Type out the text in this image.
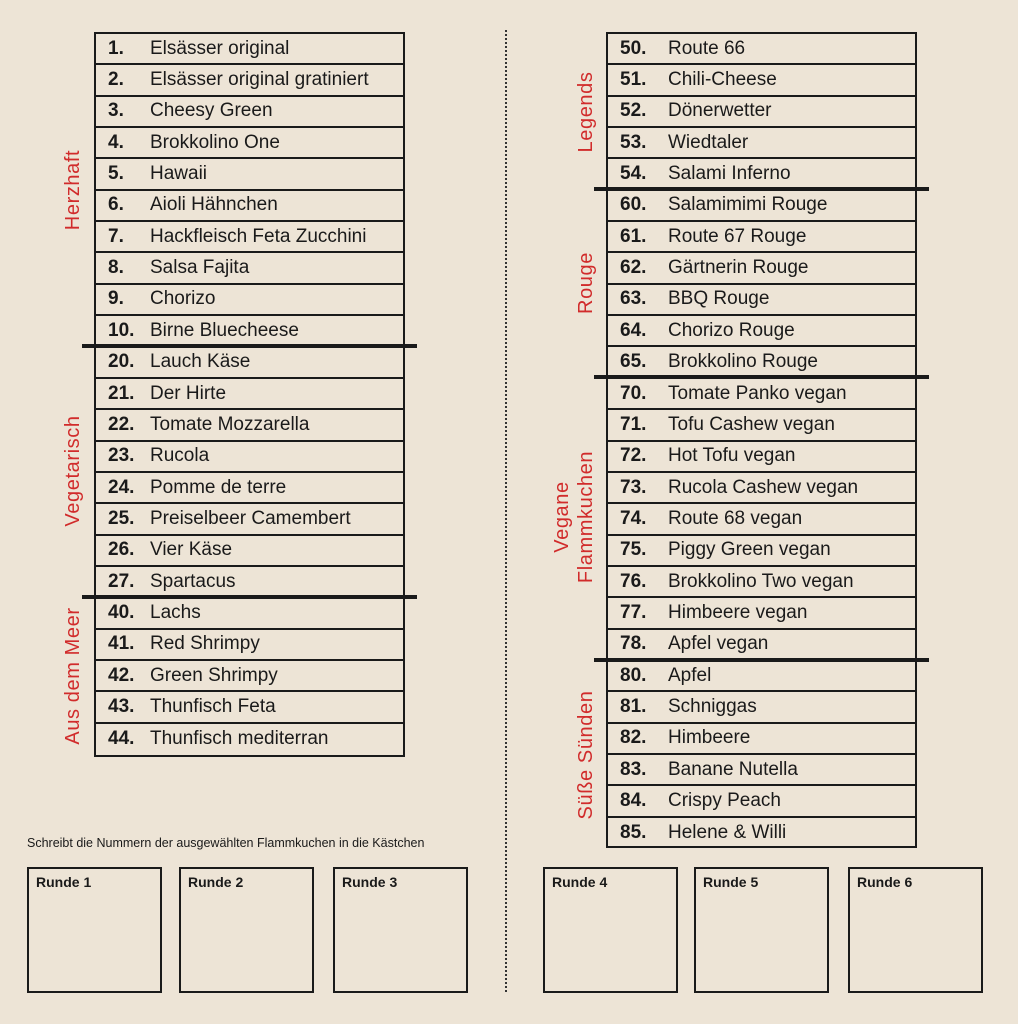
1.	Elsässer original
2.	Elsässer original gratiniert
3.	Cheesy Green
4.	Brokkolino One
5.	Hawaii
6.	Aioli Hähnchen
7.	Hackfleisch Feta Zucchini
8.	Salsa Fajita
9.	Chorizo
10. Birne Bluecheese
20. Lauch Käse
21. Der Hirte
22. Tomate Mozzarella
23. Rucola
24. Pomme de terre
25. Preiselbeer Camembert
26. Vier Käse
27. Spartacus
40. Lachs
41. Red Shrimpy
42. Green Shrimpy
43. Thunfisch Feta
44. Thunfisch mediterran
Herzhaft
Vegetarisch
Aus dem Meer
50.	Route 66
51.	Chili-Cheese
52.	Dönerwetter
53.	Wiedtaler
54.	Salami Inferno
60.	Salamimimi Rouge
61.	Route 67 Rouge
62.	Gärtnerin Rouge
63.	BBQ Rouge
64.	Chorizo Rouge
65.	Brokkolino Rouge
70.	Tomate Panko vegan
71.	Tofu Cashew vegan
72.	Hot Tofu vegan
73.	Rucola Cashew vegan
74.	Route 68 vegan
75.	Piggy Green vegan
76.	Brokkolino Two vegan
77.	Himbeere vegan
78.	Apfel vegan
80.	Apfel
81.	Schniggas
82.	Himbeere
83.	Banane Nutella
84.	Crispy Peach
85.	Helene & Willi
Legends
Rouge
Vegane Flammkuchen
Süße Sünden
Schreibt die Nummern der ausgewählten Flammkuchen in die Kästchen
Runde 1	Runde 2	Runde 3	Runde 4	Runde 5	Runde 6
